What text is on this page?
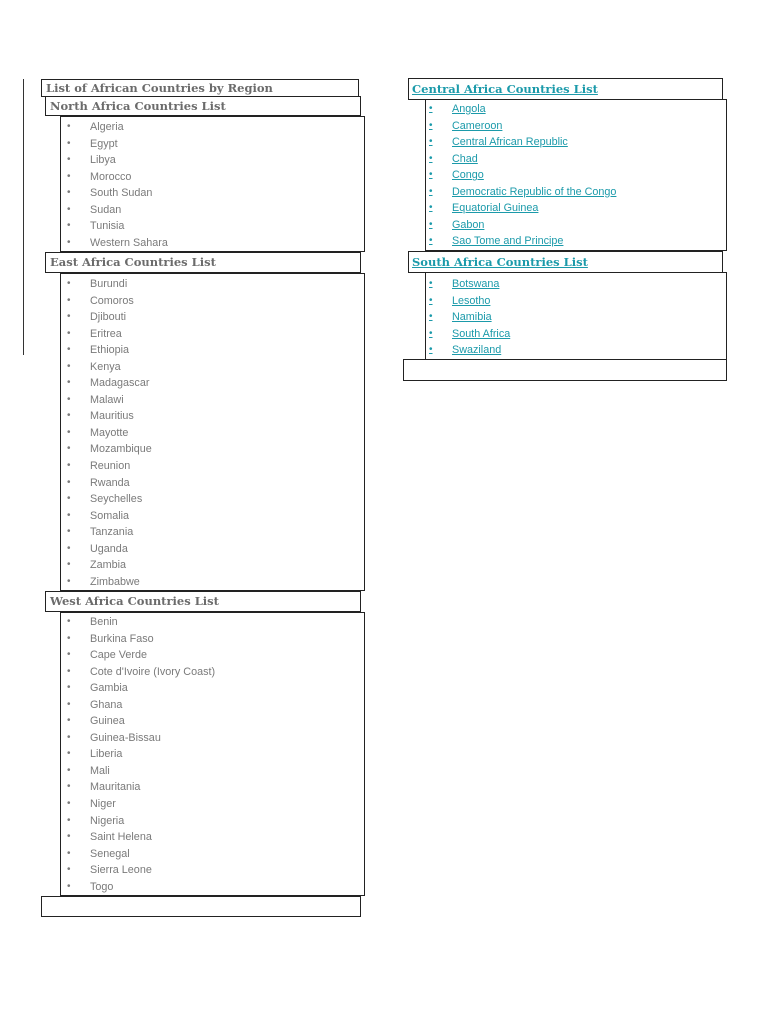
List of African Countries by Region
North Africa Countries List
• Algeria
• Egypt
• Libya
• Morocco
• South Sudan
• Sudan
• Tunisia
• Western Sahara
East Africa Countries List
• Burundi
• Comoros
• Djibouti
• Eritrea
• Ethiopia
• Kenya
• Madagascar
• Malawi
• Mauritius
• Mayotte
• Mozambique
• Reunion
• Rwanda
• Seychelles
• Somalia
• Tanzania
• Uganda
• Zambia
• Zimbabwe
West Africa Countries List
• Benin
• Burkina Faso
• Cape Verde
• Cote d'Ivoire (Ivory Coast)
• Gambia
• Ghana
• Guinea
• Guinea-Bissau
• Liberia
• Mali
• Mauritania
• Niger
• Nigeria
• Saint Helena
• Senegal
• Sierra Leone
• Togo
Central Africa Countries List
• Angola
• Cameroon
• Central African Republic
• Chad
• Congo
• Democratic Republic of the Congo
• Equatorial Guinea
• Gabon
• Sao Tome and Principe
South Africa Countries List
• Botswana
• Lesotho
• Namibia
• South Africa
• Swaziland
